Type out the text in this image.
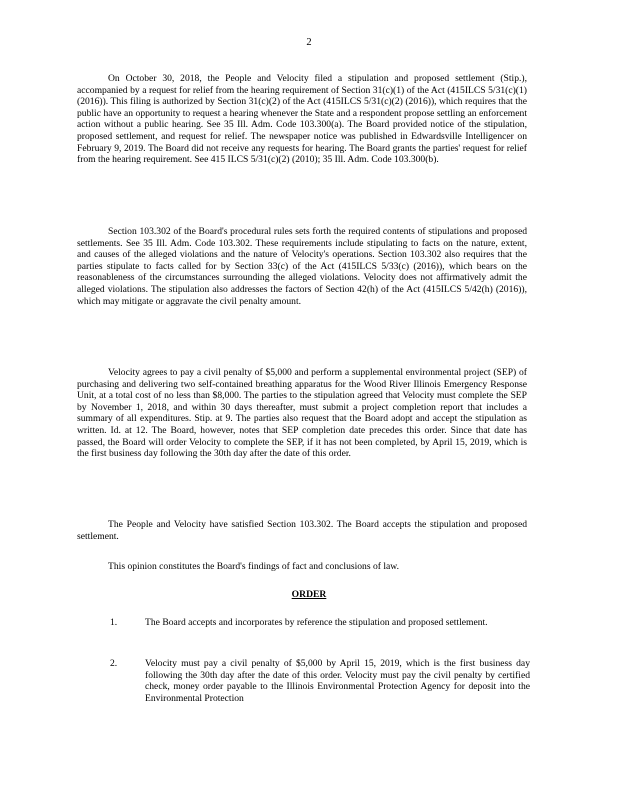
2

On October 30, 2018, the People and Velocity filed a stipulation and proposed settlement (Stip.), accompanied by a request for relief from the hearing requirement of Section 31(c)(1) of the Act (415ILCS 5/31(c)(1) (2016)). This filing is authorized by Section 31(c)(2) of the Act (415ILCS 5/31(c)(2) (2016)), which requires that the public have an opportunity to request a hearing whenever the State and a respondent propose settling an enforcement action without a public hearing. See 35 Ill. Adm. Code 103.300(a). The Board provided notice of the stipulation, proposed settlement, and request for relief. The newspaper notice was published in Edwardsville Intelligencer on February 9, 2019. The Board did not receive any requests for hearing. The Board grants the parties' request for relief from the hearing requirement. See 415 ILCS 5/31(c)(2) (2010); 35 Ill. Adm. Code 103.300(b).

Section 103.302 of the Board's procedural rules sets forth the required contents of stipulations and proposed settlements. See 35 Ill. Adm. Code 103.302. These requirements include stipulating to facts on the nature, extent, and causes of the alleged violations and the nature of Velocity's operations. Section 103.302 also requires that the parties stipulate to facts called for by Section 33(c) of the Act (415ILCS 5/33(c) (2016)), which bears on the reasonableness of the circumstances surrounding the alleged violations. Velocity does not affirmatively admit the alleged violations. The stipulation also addresses the factors of Section 42(h) of the Act (415ILCS 5/42(h) (2016)), which may mitigate or aggravate the civil penalty amount.

Velocity agrees to pay a civil penalty of $5,000 and perform a supplemental environmental project (SEP) of purchasing and delivering two self-contained breathing apparatus for the Wood River Illinois Emergency Response Unit, at a total cost of no less than $8,000. The parties to the stipulation agreed that Velocity must complete the SEP by November 1, 2018, and within 30 days thereafter, must submit a project completion report that includes a summary of all expenditures. Stip. at 9. The parties also request that the Board adopt and accept the stipulation as written. Id. at 12. The Board, however, notes that SEP completion date precedes this order. Since that date has passed, the Board will order Velocity to complete the SEP, if it has not been completed, by April 15, 2019, which is the first business day following the 30th day after the date of this order.

The People and Velocity have satisfied Section 103.302. The Board accepts the stipulation and proposed settlement.

This opinion constitutes the Board's findings of fact and conclusions of law.

ORDER
1.	The Board accepts and incorporates by reference the stipulation and proposed settlement.
2.	Velocity must pay a civil penalty of $5,000 by April 15, 2019, which is the first business day following the 30th day after the date of this order. Velocity must pay the civil penalty by certified check, money order payable to the Illinois Environmental Protection Agency for deposit into the Environmental Protection
